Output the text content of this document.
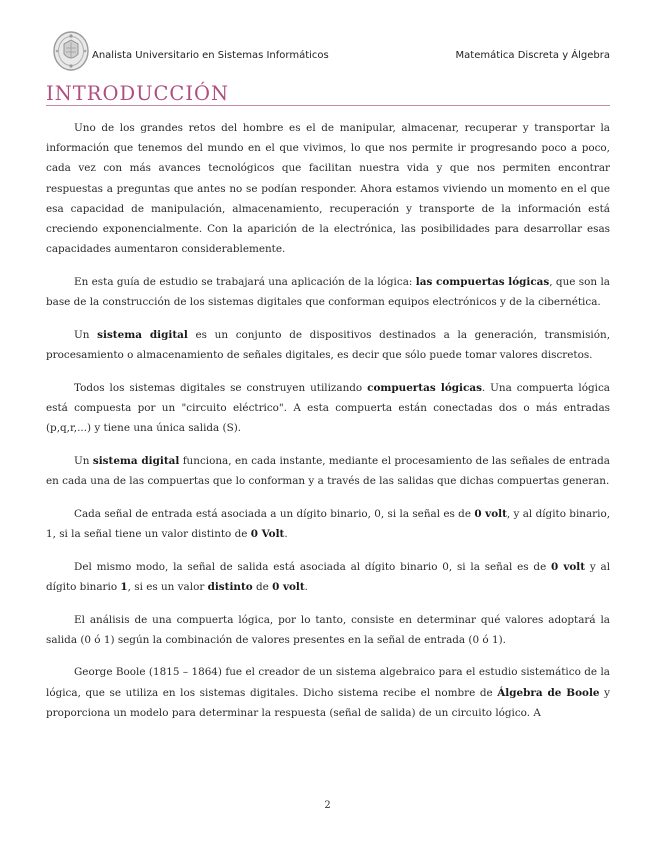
Analista Universitario en Sistemas Informáticos	Matemática Discreta y Álgebra
INTRODUCCIÓN

Uno de los grandes retos del hombre es el de manipular, almacenar, recuperar y transportar la información que tenemos del mundo en el que vivimos, lo que nos permite ir progresando poco a poco, cada vez con más avances tecnológicos que facilitan nuestra vida y que nos permiten encontrar respuestas a preguntas que antes no se podían responder. Ahora estamos viviendo un momento en el que esa capacidad de manipulación, almacenamiento, recuperación y transporte de la información está creciendo exponencialmente. Con la aparición de la electrónica, las posibilidades para desarrollar esas capacidades aumentaron considerablemente.

En esta guía de estudio se trabajará una aplicación de la lógica: las compuertas lógicas, que son la base de la construcción de los sistemas digitales que conforman equipos electrónicos y de la cibernética.

Un sistema digital es un conjunto de dispositivos destinados a la generación, transmisión, procesamiento o almacenamiento de señales digitales, es decir que sólo puede tomar valores discretos.

Todos los sistemas digitales se construyen utilizando compuertas lógicas. Una compuerta lógica está compuesta por un "circuito eléctrico". A esta compuerta están conectadas dos o más entradas (p,q,r,...) y tiene una única salida (S).

Un sistema digital funciona, en cada instante, mediante el procesamiento de las señales de entrada en cada una de las compuertas que lo conforman y a través de las salidas que dichas compuertas generan.

Cada señal de entrada está asociada a un dígito binario, 0, si la señal es de 0 volt, y al dígito binario, 1, si la señal tiene un valor distinto de 0 Volt.

Del mismo modo, la señal de salida está asociada al dígito binario 0, si la señal es de 0 volt y al dígito binario 1, si es un valor distinto de 0 volt.

El análisis de una compuerta lógica, por lo tanto, consiste en determinar qué valores adoptará la salida (0 ó 1) según la combinación de valores presentes en la señal de entrada (0 ó 1).

George Boole (1815 – 1864) fue el creador de un sistema algebraico para el estudio sistemático de la lógica, que se utiliza en los sistemas digitales. Dicho sistema recibe el nombre de Álgebra de Boole y proporciona un modelo para determinar la respuesta (señal de salida) de un circuito lógico. A

2
